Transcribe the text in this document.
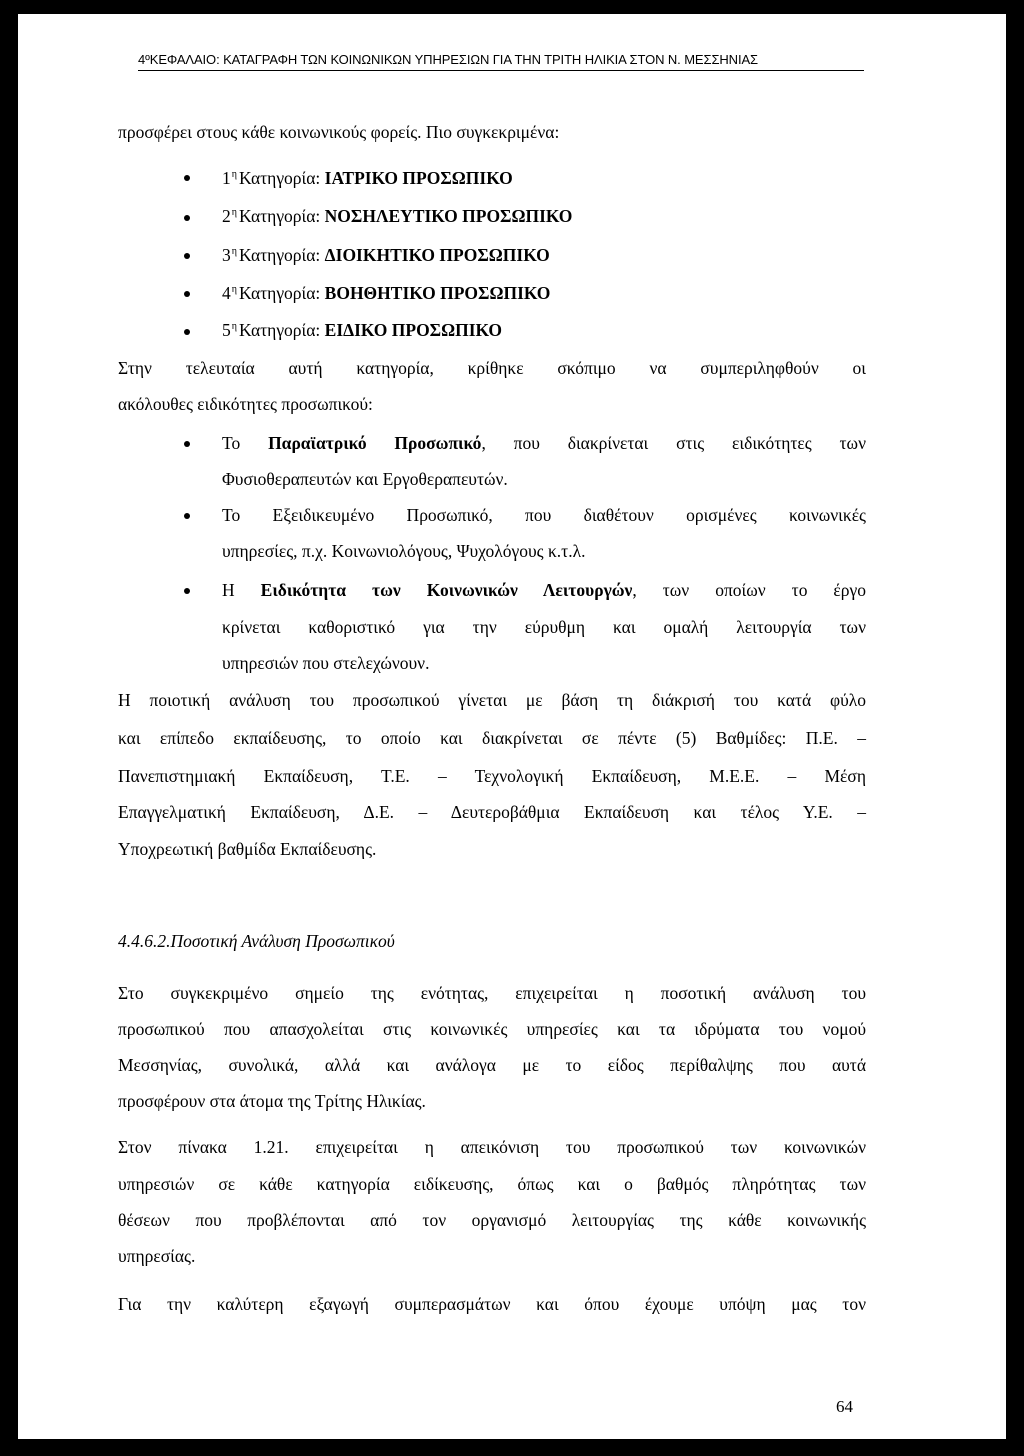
4ºΚΕΦΑΛΑΙΟ: ΚΑΤΑΓΡΑΦΗ ΤΩΝ ΚΟΙΝΩΝΙΚΩΝ ΥΠΗΡΕΣΙΩΝ ΓΙΑ ΤΗΝ ΤΡΙΤΗ ΗΛΙΚΙΑ ΣΤΟΝ Ν. ΜΕΣΣΗΝΙΑΣ
προσφέρει στους κάθε κοινωνικούς φορείς. Πιο συγκεκριμένα:
$1^\eta$ Κατηγορία: ΙΑΤΡΙΚΟ ΠΡΟΣΩΠΙΚΟ
$2^\eta$ Κατηγορία: ΝΟΣΗΛΕΥΤΙΚΟ ΠΡΟΣΩΠΙΚΟ
$3^\eta$ Κατηγορία: ΔΙΟΙΚΗΤΙΚΟ ΠΡΟΣΩΠΙΚΟ
$4^\eta$ Κατηγορία: ΒΟΗΘΗΤΙΚΟ ΠΡΟΣΩΠΙΚΟ
$5^\eta$ Κατηγορία: ΕΙΔΙΚΟ ΠΡΟΣΩΠΙΚΟ
Στην τελευταία αυτή κατηγορία, κρίθηκε σκόπιμο να συμπεριληφθούν οι
ακόλουθες ειδικότητες προσωπικού:
Το Παραϊατρικό Προσωπικό, που διακρίνεται στις ειδικότητες των
Φυσιοθεραπευτών και Εργοθεραπευτών.
Το Εξειδικευμένο Προσωπικό, που διαθέτουν ορισμένες κοινωνικές
υπηρεσίες, π.χ. Κοινωνιολόγους, Ψυχολόγους κ.τ.λ.
Η Ειδικότητα των Κοινωνικών Λειτουργών, των οποίων το έργο
κρίνεται καθοριστικό για την εύρυθμη και ομαλή λειτουργία των
υπηρεσιών που στελεχώνουν.
Η ποιοτική ανάλυση του προσωπικού γίνεται με βάση τη διάκρισή του κατά φύλο
και επίπεδο εκπαίδευσης, το οποίο και διακρίνεται σε πέντε (5) Βαθμίδες: Π.Ε. –
Πανεπιστημιακή Εκπαίδευση, Τ.Ε. – Τεχνολογική Εκπαίδευση, Μ.Ε.Ε. – Μέση
Επαγγελματική Εκπαίδευση, Δ.Ε. – Δευτεροβάθμια Εκπαίδευση και τέλος Υ.Ε. –
Υποχρεωτική βαθμίδα Εκπαίδευσης.
4.4.6.2.Ποσοτική Ανάλυση Προσωπικού
Στο συγκεκριμένο σημείο της ενότητας, επιχειρείται η ποσοτική ανάλυση του
προσωπικού που απασχολείται στις κοινωνικές υπηρεσίες και τα ιδρύματα του νομού
Μεσσηνίας, συνολικά, αλλά και ανάλογα με το είδος περίθαλψης που αυτά
προσφέρουν στα άτομα της Τρίτης Ηλικίας.
Στον πίνακα 1.21. επιχειρείται η απεικόνιση του προσωπικού των κοινωνικών
υπηρεσιών σε κάθε κατηγορία ειδίκευσης, όπως και ο βαθμός πληρότητας των
θέσεων που προβλέπονται από τον οργανισμό λειτουργίας της κάθε κοινωνικής
υπηρεσίας.
Για την καλύτερη εξαγωγή συμπερασμάτων και όπου έχουμε υπόψη μας τον
64
